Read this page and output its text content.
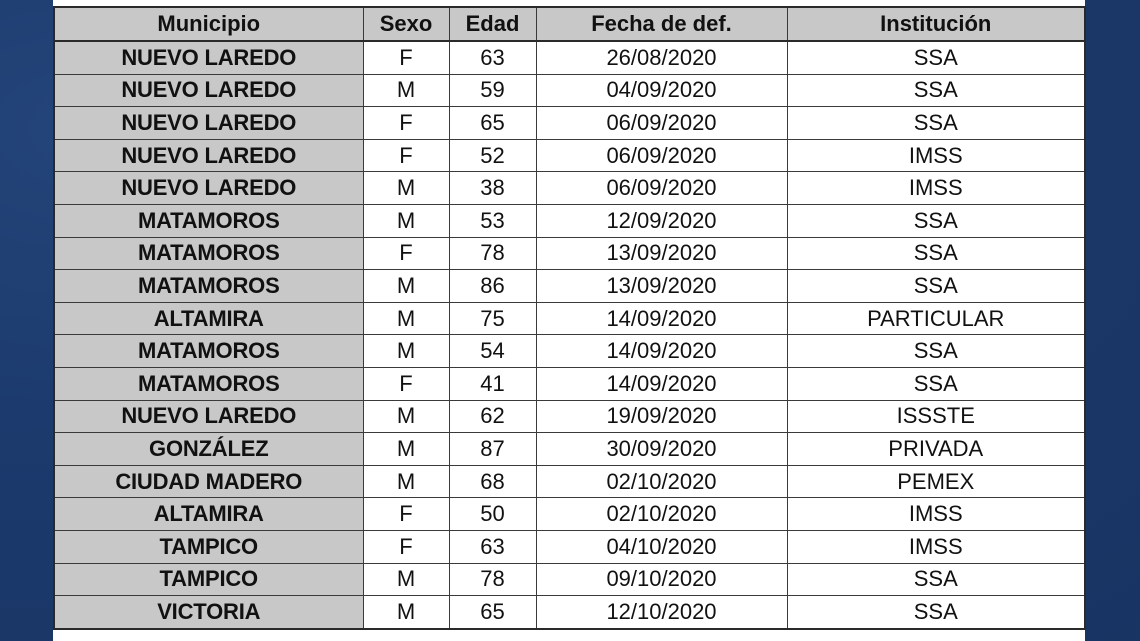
Municipio	Sexo	Edad	Fecha de def.	Institución
NUEVO LAREDO	F	63	26/08/2020	SSA
NUEVO LAREDO	M	59	04/09/2020	SSA
NUEVO LAREDO	F	65	06/09/2020	SSA
NUEVO LAREDO	F	52	06/09/2020	IMSS
NUEVO LAREDO	M	38	06/09/2020	IMSS
MATAMOROS	M	53	12/09/2020	SSA
MATAMOROS	F	78	13/09/2020	SSA
MATAMOROS	M	86	13/09/2020	SSA
ALTAMIRA	M	75	14/09/2020	PARTICULAR
MATAMOROS	M	54	14/09/2020	SSA
MATAMOROS	F	41	14/09/2020	SSA
NUEVO LAREDO	M	62	19/09/2020	ISSSTE
GONZÁLEZ	M	87	30/09/2020	PRIVADA
CIUDAD MADERO	M	68	02/10/2020	PEMEX
ALTAMIRA	F	50	02/10/2020	IMSS
TAMPICO	F	63	04/10/2020	IMSS
TAMPICO	M	78	09/10/2020	SSA
VICTORIA	M	65	12/10/2020	SSA
